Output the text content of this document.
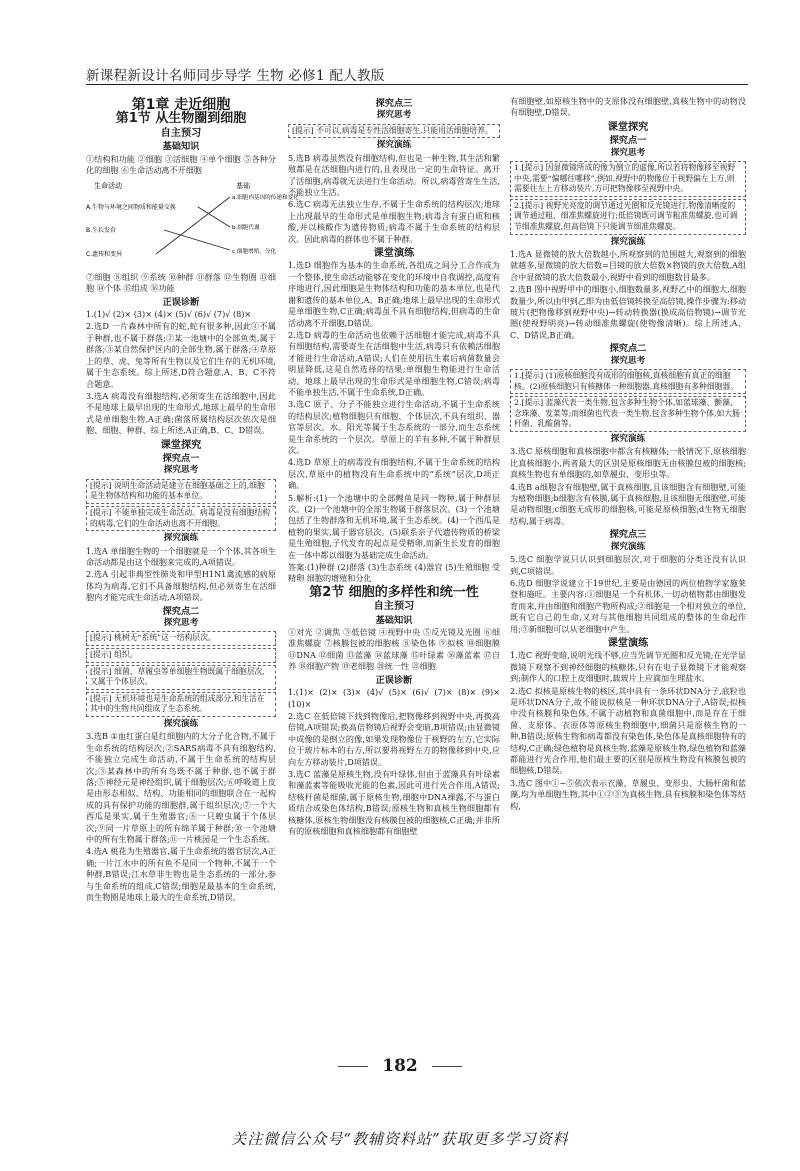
新课程新设计名师同步导学 生物 必修1 配人教版
第1章 走近细胞
第1节 从生物圈到细胞
自主预习
基础知识

①结构和功能 ②细胞 ③活细胞 ④单个细胞 ⑤各种分化的细胞 ⑥生命活动离不开细胞

生命活动	基础
A.生物与环境之间物质和能量交换
B.生长发育
C.遗传和变异
a.细胞内基因的传递和变化
b.细胞代谢
c.细胞增殖、分化

⑦细胞 ⑧组织 ⑨系统 ⑩种群 ⑪群落 ⑫生物圈 ⑬细胞 ⑭个体 ⑮组成 ⑯功能

正误诊断

1.(1)√ (2)× (3)× (4)× (5)√ (6)√ (7)√ (8)×

2.选D 一片森林中所有的蛇,蛇有很多种,因此①不属于种群,也不属于群落;②某一池塘中的全部鱼类,属于群落;③某自然保护区内的全部生物,属于群落;④草原上的草、虎、兔等所有生物以及它们生存的无机环境,属于生态系统。综上所述,D符合题意,A、B、C不符合题意。

3.选A 病毒没有细胞结构,必须寄生在活细胞中,因此不是地球上最早出现的生命形式,地球上最早的生命形式是单细胞生物,A正确;菌落所属结构层次依次是细胞、细胞、种群、综上所述,A正确,B、C、D错误。

课堂探究
探究点一
探究思考
[提示] 说明生命活动是建立在细胞基础之上的,细胞是生物体结构和功能的基本单位。
[提示] 不能单独完成生命活动。病毒是没有细胞结构的病毒,它们的生命活动也离不开细胞。
探究演练

1.选A 单细胞生物的一个细胞就是一个个体,其各项生命活动都是由这个细胞来完成的,A项错误。

2.选A 引起非典型性肺炎和甲型H1N1禽流感的病原体均为病毒,它们不具备细胞结构,但必须寄生在活细胞内才能完成生命活动,A项错误。

探究点二
探究思考
[提示] 桃树无“系统”这一结构层次。
[提示] 组织。
[提示] 细菌、草履虫等单细胞生物既属于细胞层次,又属于个体层次。
[提示] 无机环境也是生命系统的组成部分,和生活在其中的生物共同组成了生态系统。
探究演练

3.选B ①血红蛋白是红细胞内的大分子化合物,不属于生命系统的结构层次;②SARS病毒不具有细胞结构,不能独立完成生命活动,不属于生命系统的结构层次;③某森林中的所有鸟既不属于种群,也不属于群落;⑤神经元是神经组织,属于细胞层次;⑥呼吸道上皮是由形态相似、结构、功能相同的细胞联合在一起构成的具有保护功能的细胞群,属于组织层次;⑦一个大西瓜是果实,属于生殖器官;⑧一只蝗虫属于个体层次;⑨同一片草原上的所有绵羊属于种群;⑩一个池塘中的所有生物属于群落;⑪一片桃园是一个生态系统。

4.选A 桃花为生殖器官,属于生命系统的器官层次,A正确;一片江水中的所有鱼不是同一个物种,不属于一个种群,B错误;江水草非生物也是生态系统的一部分,参与生命系统的组成,C错误;细胞是最基本的生命系统,而生物圈是地球上最大的生命系统,D错误。

探究点三
探究思考
[提示] 不可以,病毒是专性活细胞寄生,只能用活细胞培养。
探究演练

5.选B 病毒虽然没有细胞结构,但也是一种生物,其生活和繁殖都是在活细胞内进行的,且表现出一定的生命特征。离开了活细胞,病毒就无法进行生命活动。所以,病毒营寄生生活,不能独立生活。

6.选C 病毒无法独立生存,不属于生命系统的结构层次;地球上出现最早的生命形式是单细胞生物;病毒含有蛋白质和核酸,并以核酸作为遗传物质;病毒不属于生命系统的结构层次。因此病毒的群体也不属于种群。

课堂演练

1.选D 细胞作为基本的生命系统,各组成之间分工合作成为一个整体,使生命活动能够在变化的环境中自我调控,高度有序地进行,因此细胞是生物体结构和功能的基本单位,也是代谢和遗传的基本单位,A、B正确;地球上最早出现的生命形式是单细胞生物,C正确;病毒虽不具有细胞结构,但病毒的生命活动离不开细胞,D错误。

2.选D 病毒的生命活动也依赖于活细胞才能完成,病毒不具有细胞结构,需要寄生在活细胞中生活,病毒只有依赖活细胞才能进行生命活动,A错误;人们在使用抗生素后病菌数量会明显降低,这是自然选择的结果;单细胞生物能进行生命活动。地球上最早出现的生命形式是单细胞生物,C错误;病毒不能单独生活,不属于生命系统,D正确。

3.选C 原子、分子不能独立进行生命活动,不属于生命系统的结构层次;植物细胞只有细胞、个体层次,不具有组织、器官等层次。水、阳光等属于生态系统的一部分,而生态系统是生命系统的一个层次。草原上的羊有多种,不属于种群层次。

4.选D 草原上的病毒没有细胞结构,不属于生命系统的结构层次,草原中的植物没有生命系统中的“系统”层次,D项正确。

5.解析:(1)一个池塘中的全部鲤鱼是同一物种,属于种群层次。(2)一个池塘中的全部生物属于群落层次。(3)一个池塘包括了生物群落和无机环境,属于生态系统。(4)一个西瓜是植物的果实,属于器官层次。(5)联系亲子代遗传物质的桥梁是生殖细胞,子代发育的起点是受精卵,而新生长发育的细胞在一体中都以细胞为基础完成生命活动。

答案:(1)种群 (2)群落 (3)生态系统 (4)器官 (5)生殖细胞 受精卵 细胞的增殖和分化

第2节 细胞的多样性和统一性
自主预习
基础知识

①对光 ②调焦 ③低倍镜 ④视野中央 ⑤反光镜及光圈 ⑥细准焦螺旋 ⑦核膜包被的细胞核 ⑧染色体 ⑨拟核 ⑩细胞膜 ⑪DNA ⑫细菌 ⑬蓝藻 ⑭蓝球藻 ⑮叶绿素 ⑯藻蓝素 ⑰自养 ⑱细胞产物 ⑲老细胞 ⑳统一性 ㉑细胞

正误诊断

1.(1)× (2)× (3)× (4)√ (5)× (6)√ (7)× (8)× (9)× (10)×

2.选C 在低倍镜下找到物像后,把物像移到视野中央,再换高倍镜,A项错误;换高倍物镜后视野会变暗,B项错误;由显微镜中成像的是倒立的像,如果发现物像位于视野的左方,它实际位于玻片标本的右方,所以要将视野左方的物像移到中央,应向左方移动装片,D项错误。

3.选C 蓝藻是原核生物,没有叶绿体,但由于蓝藻具有叶绿素和藻蓝素等能吸收光能的色素,因此可进行光合作用,A错误;结核杆菌是细菌,属于原核生物,细胞中DNA裸露,不与蛋白质结合成染色体结构,B错误;原核生物和真核生物细胞都有核糖体,原核生物细胞没有核膜包被的细胞核,C正确;并非所有的原核细胞和真核细胞都有细胞壁

有细胞壁,如原核生物中的支原体没有细胞壁,真核生物中的动物没有细胞壁,D错误。

课堂探究
探究点一
探究思考
1.[提示] 因显微镜所成的像为倒立的虚像,所以若将物像移至视野中央,需要“偏哪往哪移”,例如,视野中的物像位于视野偏左上方,则需要往左上方移动装片,方可把物像移至视野中央。
2.[提示] 视野光亮度的调节通过光圈和反光镜进行,物像清晰度的调节通过粗、细准焦螺旋进行;低倍镜既可调节粗准焦螺旋,也可调节细准焦螺旋,但高倍镜下只能调节细准焦螺旋。
探究演练

1.选A 显微镜的放大倍数越小,所观察到的范围越大,观察到的细胞就越多,显微镜的放大倍数=目镜的放大倍数×物镜的放大倍数,A组合中显微镜的放大倍数最小,视野中看到的细胞数目最多。

2.选B 图中视野甲中的细胞小,细胞数量多,视野乙中的细胞大,细胞数量少,所以由甲到乙即为由低倍镜转换至高倍镜,操作步骤为:移动玻片(把物像移到视野中央)→转动转换器(换成高倍物镜)→调节光圈(使视野明亮)→转动细准焦螺旋(使物像清晰)。综上所述,A、C、D错误,B正确。

探究点二
探究思考
1.[提示] (1)原核细胞没有成形的细胞核,真核细胞有真正的细胞核。(2)原核细胞只有核糖体一种细胞器,真核细胞有多种细胞器。
2.[提示] 蓝藻代表一类生物,包含多种生物个体,如蓝球藻、颤藻、念珠藻、发菜等;而细菌也代表一类生物,包含多种生物个体,如大肠杆菌、乳酸菌等。
探究演练

3.选C 原核细胞和真核细胞中都含有核糖体;一般情况下,原核细胞比真核细胞小,两者最大的区别是原核细胞无由核膜包被的细胞核;真核生物也有单细胞的,如草履虫、变形虫等。

4.选B a细胞含有细胞壁,属于真核细胞,且该细胞含有细胞壁,可能为植物细胞;b细胞含有核膜,属于真核细胞,且该细胞无细胞壁,可能是动物细胞;c细胞无成形的细胞核,可能是原核细胞;d生物无细胞结构,属于病毒。

探究点三
探究演练

5.选C 细胞学说只认识到细胞层次,对于细胞的分类还没有认识到,C项错误。

6.选D 细胞学说建立于19世纪,主要是由德国的两位植物学家施莱登和施旺。主要内容:①细胞是一个有机体,一切动植物都由细胞发育而来,并由细胞和细胞产物所构成;②细胞是一个相对独立的单位,既有它自己的生命,又对与其他细胞共同组成的整体的生命起作用;③新细胞可以从老细胞中产生。

课堂演练

1.选C 视野变暗,说明光线不够,应当先调节光圈和反光镜;在光学显微镜下观察不到神经细胞的核糖体,只有在电子显微镜下才能观察到;制作人的口腔上皮细胞时,载玻片上应滴加生理盐水。

2.选C 拟核是原核生物的核区,其中具有一条环状DNA分子,底粒也是环状DNA分子,故不能说拟核是一种环状DNA分子,A错误;拟核中没有核膜和染色体,不属于动植物和真菌细胞中,而是存在于细菌、支原体、衣原体等原核生物细胞中,细菌只是原核生物的一种,B错误;原核生物和病毒都没有染色体,染色体是真核细胞特有的结构,C正确;绿色植物是真核生物,蓝藻是原核生物,绿色植物和蓝藻都能进行光合作用,他们最主要的区别是原核生物没有核膜包被的细胞核,D错误。

3.选C 图中①~⑤依次表示衣藻、草履虫、变形虫、大肠杆菌和蓝藻,均为单细胞生物,其中①②③为真核生物,具有核膜和染色体等结构,

182
关注微信公众号“教辅资料站”获取更多学习资料
